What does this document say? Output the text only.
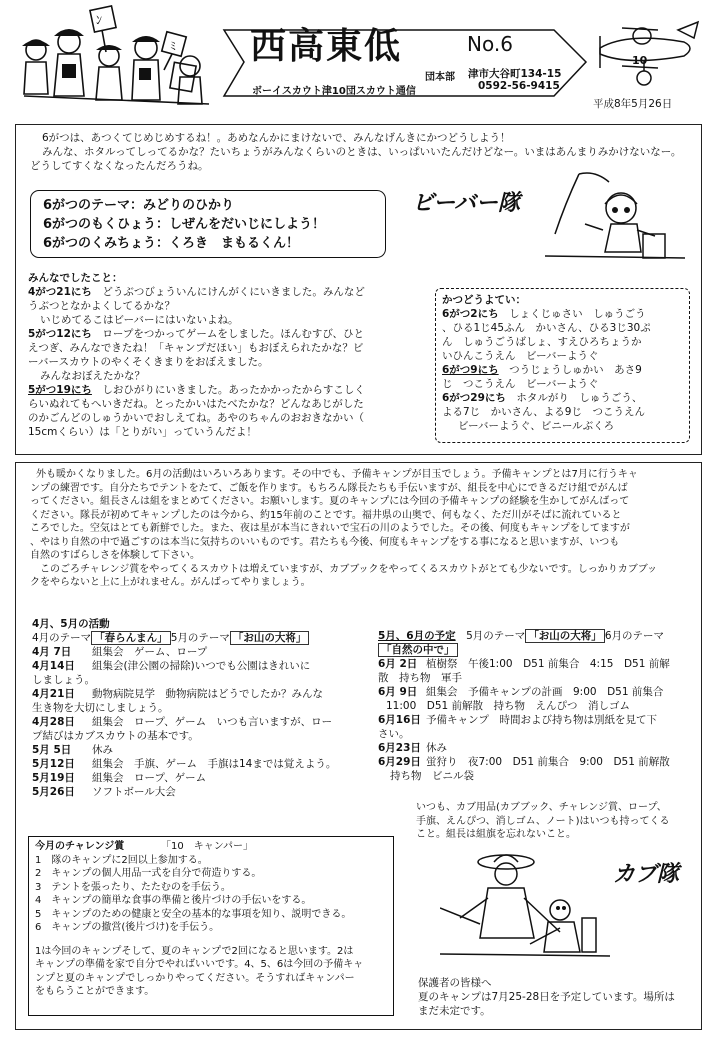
ﾝ
ﾐ 西高東低	No.6
団本部 津市大谷町134-15
ボーイスカウト津10団スカウト通信	0592-56-9415
平成8年5月26日
10
6がつは、あつくてじめじめするね！。あめなんかにまけないで、みんなげんきにかつどうしよう！
みんな、ホタルってしってるかな？たいちょうがみんなくらいのときは、いっぱいいたんだけどなー。いまはあんまりみかけないなー。どうしてすくなくなったんだろうね。
6がつのテーマ：みどりのひかり
6がつのもくひょう：しぜんをだいじにしよう！
6がつのくみちょう：くろき　まもるくん！
ビーバー隊
みんなでしたこと：
4がつ21にち　 どうぶつびょういんにけんがくにいきました。みんなど
うぶつとなかよくしてるかな？
いじめてるこはビーバーにはいないよね。
5がつ12にち　 ロープをつかってゲームをしました。ほんむすび、ひと
えつぎ、みんなできたね！「キャンプだほい」もおぼえられたかな？ビ
ーバースカウトのやくそくきまりをおぼえました。
みんなおぼえたかな？
5がつ19にち　 しおひがりにいきました。あったかかったからすこしく
らいぬれてもへいきだね。とったかいはたべたかな？どんなあじがした
のかごんどのしゅうかいでおしえてね。あやのちゃんのおおきなかい（
15cmくらい）は「とりがい」っていうんだよ！
かつどうよてい：
6がつ2にち　 しょくじゅさい　しゅうごう
、ひる1じ45ふん　かいさん、ひる3じ30ぷ
ん　しゅうごうばしょ、すえひろちょうか
いひんこうえん　ビーバーようぐ
6がつ9にち　 つうじょうしゅかい　あさ9
じ　つこうえん　ビーバーようぐ
6がつ29にち　 ホタルがり　しゅうごう、
よる7じ　かいさん、よる9じ　つこうえん
ビーバーようぐ、ビニールぶくろ
外も暖かくなりました。6月の活動はいろいろあります。その中でも、予備キャンプが目玉でしょう。予備キャンプとは7月に行うキャ
ンプの練習です。自分たちでテントをたて、ご飯を作ります。もちろん隊長たちも手伝いますが、組長を中心にできるだけ組でがんば
ってください。組長さんは組をまとめてください。お願いします。夏のキャンプには今回の予備キャンプの経験を生かしてがんばって
ください。隊長が初めてキャンプしたのは今から、約15年前のことです。福井県の山奥で、何もなく、ただ川がそばに流れていると
ころでした。空気はとても新鮮でした。また、夜は星が本当にきれいで宝石の川のようでした。その後、何度もキャンプをしてますが
、やはり自然の中で過ごすのは本当に気持ちのいいものです。君たちも今後、何度もキャンプをする事になると思いますが、いつも
自然のすばらしさを体験して下さい。
このごろチャレンジ賞をやってくるスカウトは増えていますが、カブブックをやってくるスカウトがとても少ないです。しっかりカブブッ
クをやらないと上に上がれません。がんばってやりましょう。
4月、5月の活動
4月のテーマ 「春らんまん」 5月のテーマ 「お山の大将」
4月 7日 組集会　ゲーム、ロープ
4月14日 組集会(津公園の掃除)いつでも公園はきれいに
しましょう。
4月21日 動物病院見学　動物病院はどうでしたか？みんな
生き物を大切にしましょう。
4月28日 組集会　ロープ、ゲーム　いつも言いますが、ロー
プ結びはカブスカウトの基本です。
5月 5日 休み
5月12日 組集会　手旗、ゲーム　手旗は14までは覚えよう。
5月19日 組集会　ロープ、ゲーム
5月26日 ソフトボール大会
5月、6月の予定　 5月のテーマ 「お山の大将」 6月のテーマ
「自然の中で」
6月 2日 植樹祭　午後1:00　D51 前集合　4:15　D51 前解
散　持ち物　軍手
6月 9日 組集会　予備キャンプの計画　9:00　D51 前集合
11:00　D51 前解散　持ち物　えんぴつ　消しゴム
6月16日 予備キャンプ　時間および持ち物は別紙を見て下
さい。
6月23日 休み
6月29日 蛍狩り　夜7:00　D51 前集合　9:00　D51 前解散
持ち物　ビニル袋
いつも、カブ用品(カブブック、チャレンジ賞、ロープ、
手旗、えんぴつ、消しゴム、ノート)はいつも持ってくる
こと。組長は組旗を忘れないこと。
カブ隊
今月のチャレンジ賞	「10　キャンパー」
1　隊のキャンプに2回以上参加する。
2　キャンプの個人用品一式を自分で荷造りする。
3　テントを張ったり、たたむのを手伝う。
4　キャンプの簡単な食事の準備と後片づけの手伝いをする。
5　キャンプのための健康と安全の基本的な事項を知り、説明できる。
6　キャンプの撤営(後片づけ)を手伝う。
1は今回のキャンプそして、夏のキャンプで2回になると思います。2は
キャンプの準備を家で自分でやればいいです。4、5、6は今回の予備キャ
ンプと夏のキャンプでしっかりやってください。そうすればキャンパー
をもらうことができます。
保護者の皆様へ
夏のキャンプは7月25-28日を予定しています。場所は
まだ未定です。
